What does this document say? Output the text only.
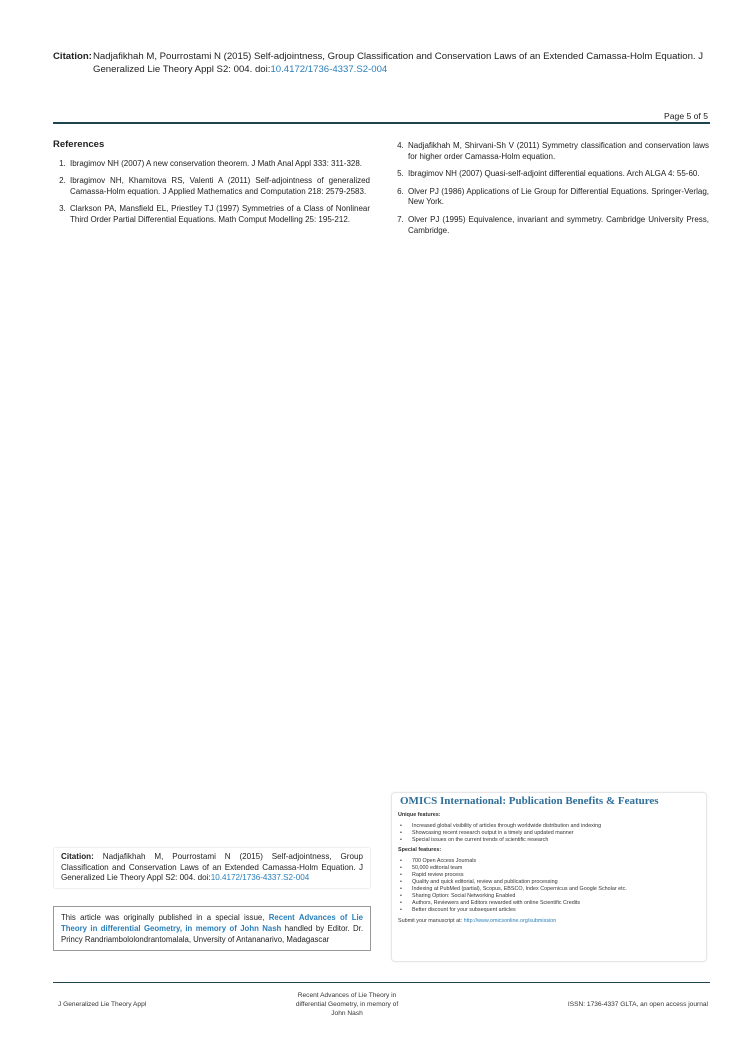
Citation:Nadjafikhah M, Pourrostami N (2015) Self-adjointness, Group Classification and Conservation Laws of an Extended Camassa-Holm Equation. J Generalized Lie Theory Appl S2: 004. doi:10.4172/1736-4337.S2-004
Page 5 of 5
References
1. Ibragimov NH (2007) A new conservation theorem. J Math Anal Appl 333: 311-328.
2. Ibragimov NH, Khamitova RS, Valenti A (2011) Self-adjointness of generalized Camassa-Holm equation. J Applied Mathematics and Computation 218: 2579-2583.
3. Clarkson PA, Mansfield EL, Priestley TJ (1997) Symmetries of a Class of Nonlinear Third Order Partial Differential Equations. Math Comput Modelling 25: 195-212.
4. Nadjafikhah M, Shirvani-Sh V (2011) Symmetry classification and conservation laws for higher order Camassa-Holm equation.
5. Ibragimov NH (2007) Quasi-self-adjoint differential equations. Arch ALGA 4: 55-60.
6. Olver PJ (1986) Applications of Lie Group for Differential Equations. Springer-Verlag, New York.
7. Olver PJ (1995) Equivalence, invariant and symmetry. Cambridge University Press, Cambridge.
OMICS International: Publication Benefits & Features
Unique features:
• Increased global visibility of articles through worldwide distribution and indexing
• Showcasing recent research output in a timely and updated manner
• Special issues on the current trends of scientific research
Special features:
• 700 Open Access Journals
• 50,000 editorial team
• Rapid review process
• Quality and quick editorial, review and publication processing
• Indexing at PubMed (partial), Scopus, EBSCO, Index Copernicus and Google Scholar etc.
• Sharing Option: Social Networking Enabled
• Authors, Reviewers and Editors rewarded with online Scientific Credits
• Better discount for your subsequent articles
Submit your manuscript at: http://www.omicsonline.org/submission
Citation: Nadjafikhah M, Pourrostami N (2015) Self-adjointness, Group Classification and Conservation Laws of an Extended Camassa-Holm Equation. J Generalized Lie Theory Appl S2: 004. doi:10.4172/1736-4337.S2-004
This article was originally published in a special issue, Recent Advances of Lie Theory in differential Geometry, in memory of John Nash handled by Editor. Dr. Princy Randriambololondrantomalala, Unversity of Antananarivo, Madagascar
J Generalized Lie Theory Appl
Recent Advances of Lie Theory in differential Geometry, in memory of John Nash
ISSN: 1736-4337 GLTA, an open access journal
